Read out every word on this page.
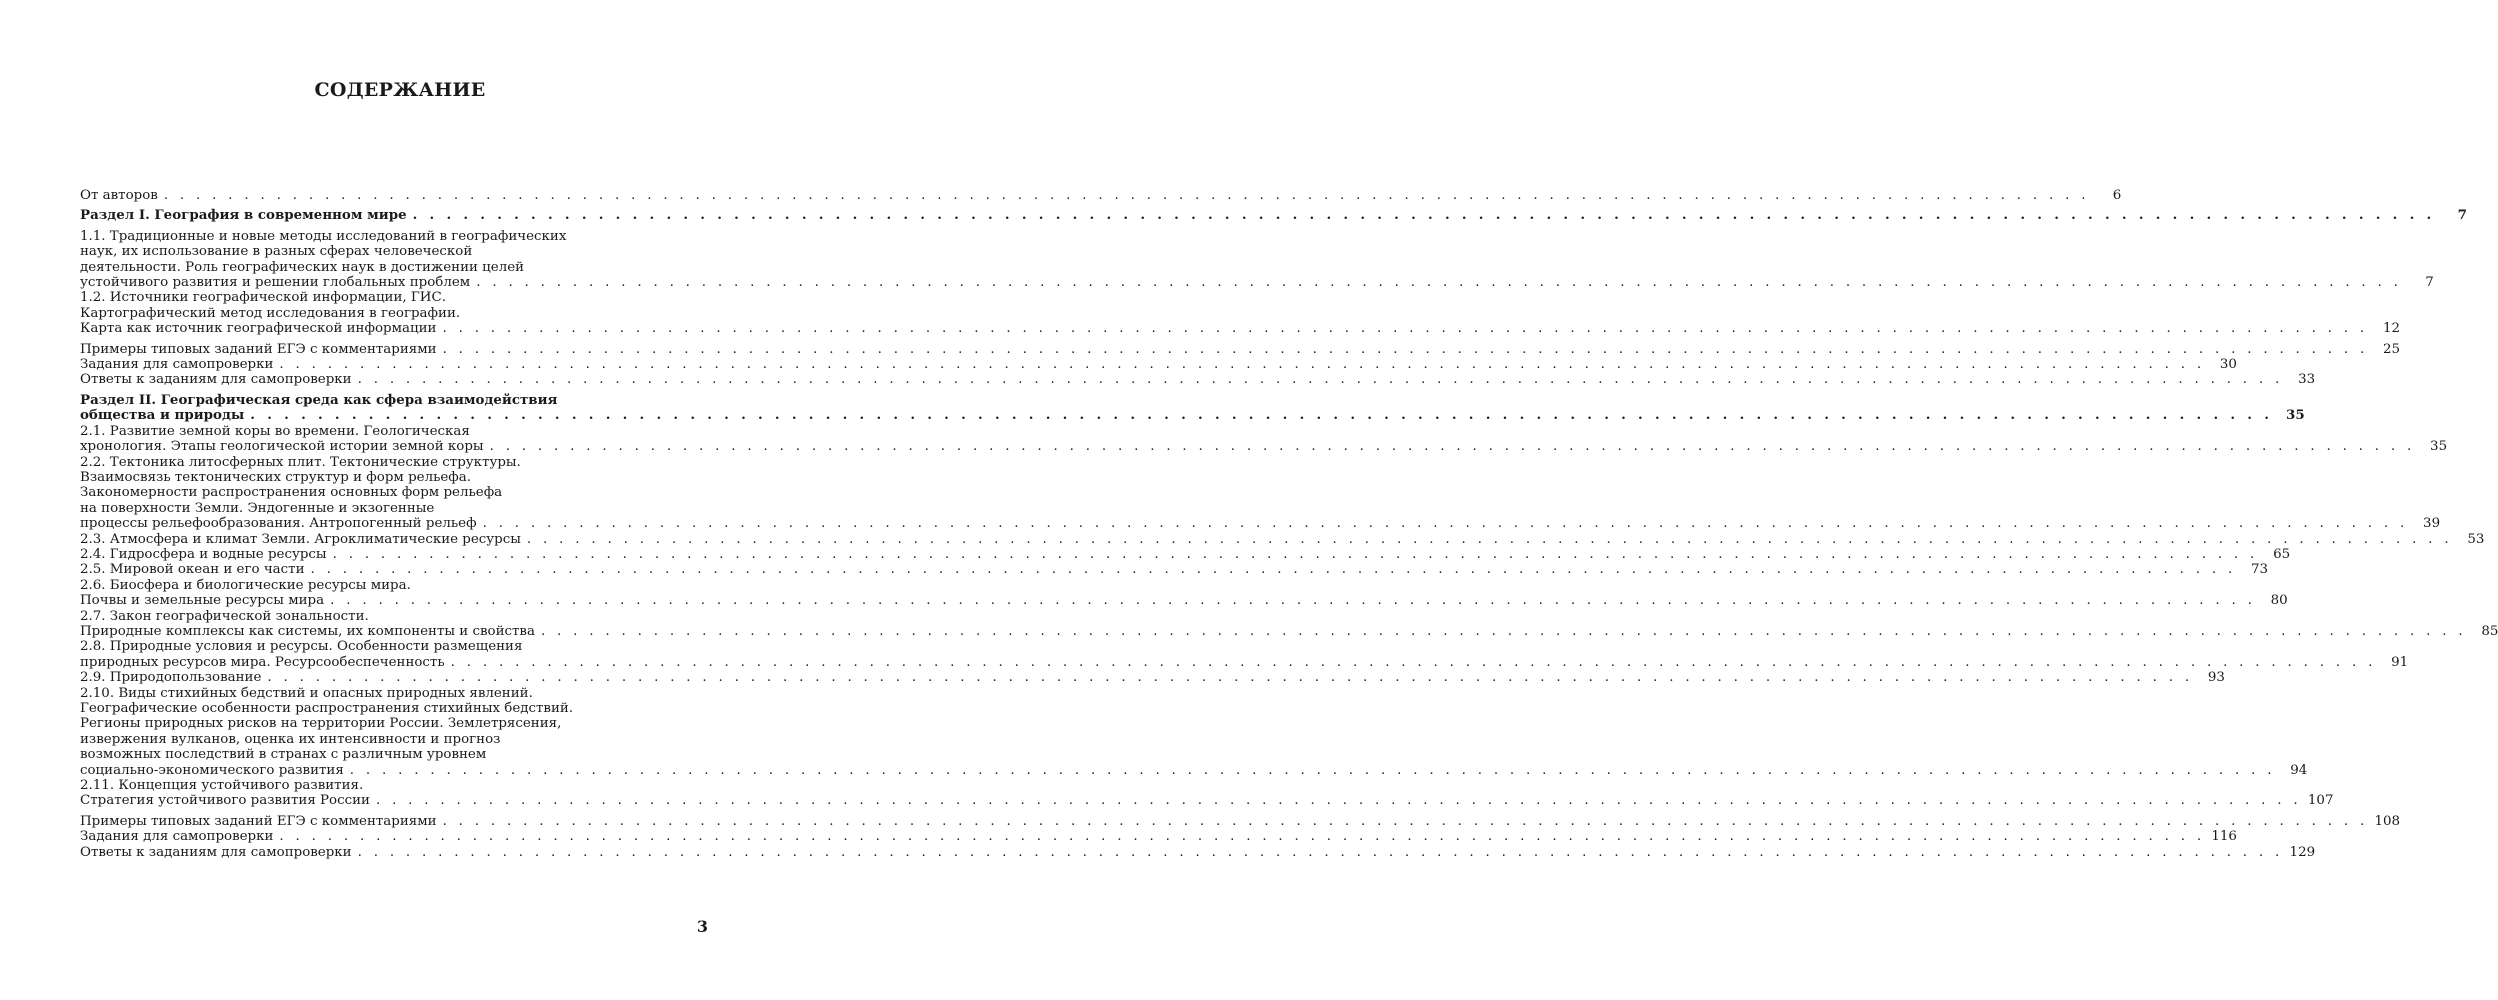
СОДЕРЖАНИЕ
От авторов . . . . . . . . . . . . . . . . . . . . . . . . . . . . . . . . . . . . . . . . . . . . . . . . . . . . . . . . . . . . . . . . . . . . . . . . . . . . . . . . . . . . . . . . . . . . . . . . . . . . . . . . . . . . . . . . . . . . . . . .	6
Раздел I. География в современном мире . . . . . . . . . . . . . . . . . . . . . . . . . . . . . . . . . . . . . . . . . . . . . . . . . . . . . . . . . . . . . . . . . . . . . . . . . . . . . . . . . . . . . . . . . . . . . . . . . . . . . . . . . . . . . . . . . . . . . . . .	7
1.1. Традиционные и новые методы исследований в географических
наук, их использование в разных сферах человеческой
деятельности. Роль географических наук в достижении целей
устойчивого развития и решении глобальных проблем . . . . . . . . . . . . . . . . . . . . . . . . . . . . . . . . . . . . . . . . . . . . . . . . . . . . . . . . . . . . . . . . . . . . . . . . . . . . . . . . . . . . . . . . . . . . . . . . . . . . . . . . . . . . . . . . . . . . . . . .	7
1.2. Источники географической информации, ГИС.
Картографический метод исследования в географии.
Карта как источник географической информации . . . . . . . . . . . . . . . . . . . . . . . . . . . . . . . . . . . . . . . . . . . . . . . . . . . . . . . . . . . . . . . . . . . . . . . . . . . . . . . . . . . . . . . . . . . . . . . . . . . . . . . . . . . . . . . . . . . . . . . .	12
Примеры типовых заданий ЕГЭ с комментариями . . . . . . . . . . . . . . . . . . . . . . . . . . . . . . . . . . . . . . . . . . . . . . . . . . . . . . . . . . . . . . . . . . . . . . . . . . . . . . . . . . . . . . . . . . . . . . . . . . . . . . . . . . . . . . . . . . . . . . . .	25
Задания для самопроверки . . . . . . . . . . . . . . . . . . . . . . . . . . . . . . . . . . . . . . . . . . . . . . . . . . . . . . . . . . . . . . . . . . . . . . . . . . . . . . . . . . . . . . . . . . . . . . . . . . . . . . . . . . . . . . . . . . . . . . . .	30
Ответы к заданиям для самопроверки . . . . . . . . . . . . . . . . . . . . . . . . . . . . . . . . . . . . . . . . . . . . . . . . . . . . . . . . . . . . . . . . . . . . . . . . . . . . . . . . . . . . . . . . . . . . . . . . . . . . . . . . . . . . . . . . . . . . . . . .	33
Раздел II. Географическая среда как сфера взаимодействия
общества и природы . . . . . . . . . . . . . . . . . . . . . . . . . . . . . . . . . . . . . . . . . . . . . . . . . . . . . . . . . . . . . . . . . . . . . . . . . . . . . . . . . . . . . . . . . . . . . . . . . . . . . . . . . . . . . . . . . . . . . . . . 35
2.1. Развитие земной коры во времени. Геологическая
хронология. Этапы геологической истории земной коры . . . . . . . . . . . . . . . . . . . . . . . . . . . . . . . . . . . . . . . . . . . . . . . . . . . . . . . . . . . . . . . . . . . . . . . . . . . . . . . . . . . . . . . . . . . . . . . . . . . . . . . . . . . . . . . . . . . . . . . .	35
2.2. Тектоника литосферных плит. Тектонические структуры.
Взаимосвязь тектонических структур и форм рельефа.
Закономерности распространения основных форм рельефа
на поверхности Земли. Эндогенные и экзогенные
процессы рельефообразования. Антропогенный рельеф . . . . . . . . . . . . . . . . . . . . . . . . . . . . . . . . . . . . . . . . . . . . . . . . . . . . . . . . . . . . . . . . . . . . . . . . . . . . . . . . . . . . . . . . . . . . . . . . . . . . . . . . . . . . . . . . . . . . . . . .	39
2.3. Атмосфера и климат Земли. Агроклиматические ресурсы . . . . . . . . . . . . . . . . . . . . . . . . . . . . . . . . . . . . . . . . . . . . . . . . . . . . . . . . . . . . . . . . . . . . . . . . . . . . . . . . . . . . . . . . . . . . . . . . . . . . . . . . . . . . . . . . . . . . . . . .	53
2.4. Гидросфера и водные ресурсы . . . . . . . . . . . . . . . . . . . . . . . . . . . . . . . . . . . . . . . . . . . . . . . . . . . . . . . . . . . . . . . . . . . . . . . . . . . . . . . . . . . . . . . . . . . . . . . . . . . . . . . . . . . . . . . . . . . . . . . .	65
2.5. Мировой океан и его части . . . . . . . . . . . . . . . . . . . . . . . . . . . . . . . . . . . . . . . . . . . . . . . . . . . . . . . . . . . . . . . . . . . . . . . . . . . . . . . . . . . . . . . . . . . . . . . . . . . . . . . . . . . . . . . . . . . . . . . .	73
2.6. Биосфера и биологические ресурсы мира.
Почвы и земельные ресурсы мира . . . . . . . . . . . . . . . . . . . . . . . . . . . . . . . . . . . . . . . . . . . . . . . . . . . . . . . . . . . . . . . . . . . . . . . . . . . . . . . . . . . . . . . . . . . . . . . . . . . . . . . . . . . . . . . . . . . . . . . .	80
2.7. Закон географической зональности.
Природные комплексы как системы, их компоненты и свойства . . . . . . . . . . . . . . . . . . . . . . . . . . . . . . . . . . . . . . . . . . . . . . . . . . . . . . . . . . . . . . . . . . . . . . . . . . . . . . . . . . . . . . . . . . . . . . . . . . . . . . . . . . . . . . . . . . . . . . . .	85
2.8. Природные условия и ресурсы. Особенности размещения
природных ресурсов мира. Ресурсообеспеченность . . . . . . . . . . . . . . . . . . . . . . . . . . . . . . . . . . . . . . . . . . . . . . . . . . . . . . . . . . . . . . . . . . . . . . . . . . . . . . . . . . . . . . . . . . . . . . . . . . . . . . . . . . . . . . . . . . . . . . . .	91
2.9. Природопользование . . . . . . . . . . . . . . . . . . . . . . . . . . . . . . . . . . . . . . . . . . . . . . . . . . . . . . . . . . . . . . . . . . . . . . . . . . . . . . . . . . . . . . . . . . . . . . . . . . . . . . . . . . . . . . . . . . . . . . . .	93
2.10. Виды стихийных бедствий и опасных природных явлений.
Географические особенности распространения стихийных бедствий.
Регионы природных рисков на территории России. Землетрясения,
извержения вулканов, оценка их интенсивности и прогноз
возможных последствий в странах с различным уровнем
социально-экономического развития . . . . . . . . . . . . . . . . . . . . . . . . . . . . . . . . . . . . . . . . . . . . . . . . . . . . . . . . . . . . . . . . . . . . . . . . . . . . . . . . . . . . . . . . . . . . . . . . . . . . . . . . . . . . . . . . . . . . . . . .	94
2.11. Концепция устойчивого развития.
Стратегия устойчивого развития России . . . . . . . . . . . . . . . . . . . . . . . . . . . . . . . . . . . . . . . . . . . . . . . . . . . . . . . . . . . . . . . . . . . . . . . . . . . . . . . . . . . . . . . . . . . . . . . . . . . . . . . . . . . . . . . . . . . . . . . . 107
Примеры типовых заданий ЕГЭ с комментариями . . . . . . . . . . . . . . . . . . . . . . . . . . . . . . . . . . . . . . . . . . . . . . . . . . . . . . . . . . . . . . . . . . . . . . . . . . . . . . . . . . . . . . . . . . . . . . . . . . . . . . . . . . . . . . . . . . . . . . . . 108
Задания для самопроверки . . . . . . . . . . . . . . . . . . . . . . . . . . . . . . . . . . . . . . . . . . . . . . . . . . . . . . . . . . . . . . . . . . . . . . . . . . . . . . . . . . . . . . . . . . . . . . . . . . . . . . . . . . . . . . . . . . . . . . . . 116
Ответы к заданиям для самопроверки . . . . . . . . . . . . . . . . . . . . . . . . . . . . . . . . . . . . . . . . . . . . . . . . . . . . . . . . . . . . . . . . . . . . . . . . . . . . . . . . . . . . . . . . . . . . . . . . . . . . . . . . . . . . . . . . . . . . . . . . 129
3
